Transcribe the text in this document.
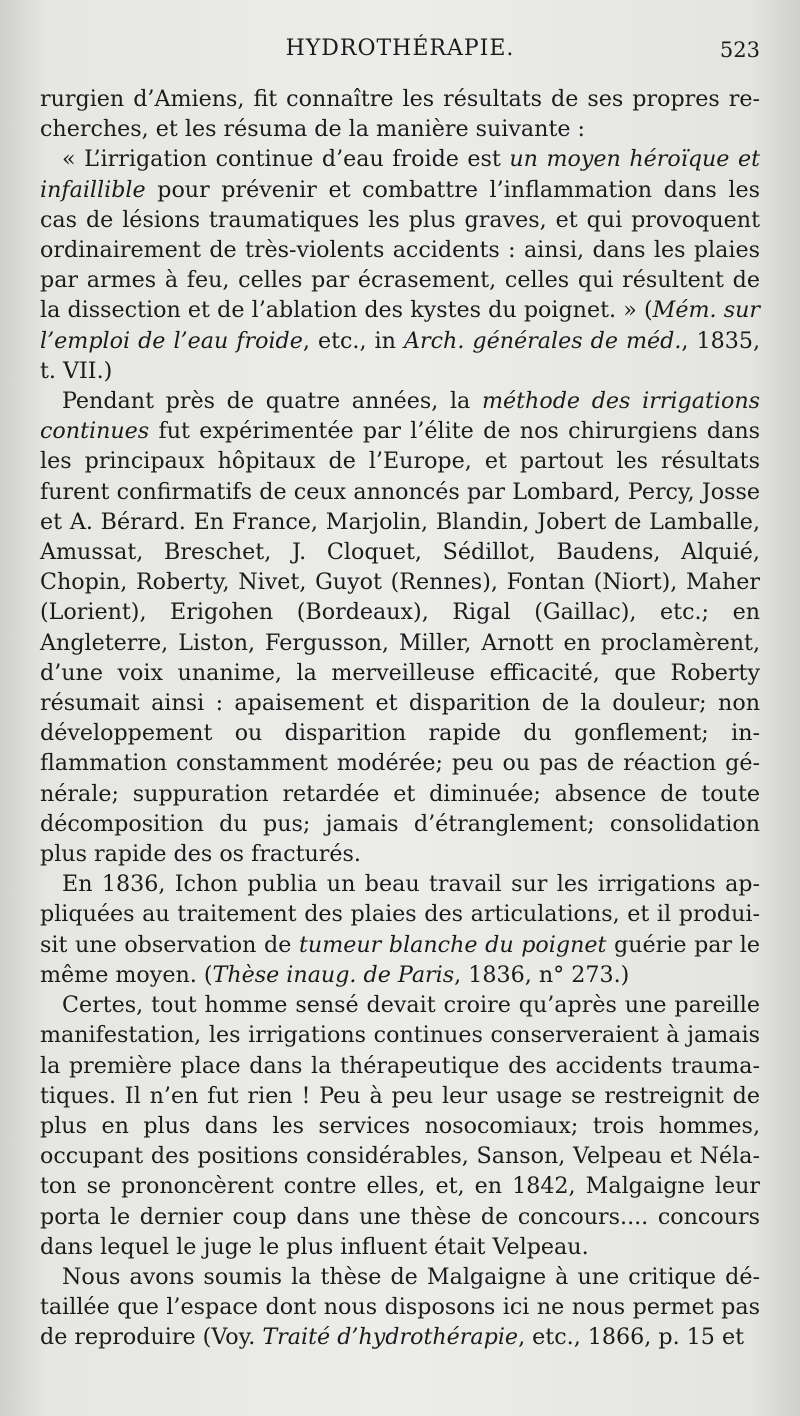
HYDROTHÉRAPIE.	523

rurgien d’Amiens, fit connaître les résultats de ses propres recherches, et les résuma de la manière suivante :

« L’irrigation continue d’eau froide est un moyen héroïque et infaillible pour prévenir et combattre l’inflammation dans les cas de lésions traumatiques les plus graves, et qui provoquent ordinairement de très-violents accidents : ainsi, dans les plaies par armes à feu, celles par écrasement, celles qui résultent de la dissection et de l’ablation des kystes du poignet. » (Mém. sur l’emploi de l’eau froide, etc., in Arch. générales de méd., 1835, t. VII.)

Pendant près de quatre années, la méthode des irrigations continues fut expérimentée par l’élite de nos chirurgiens dans les principaux hôpitaux de l’Europe, et partout les résultats furent confirmatifs de ceux annoncés par Lombard, Percy, Josse et A. Bérard. En France, Marjolin, Blandin, Jobert de Lamballe, Amussat, Breschet, J. Cloquet, Sédillot, Baudens, Alquié, Chopin, Roberty, Nivet, Guyot (Rennes), Fontan (Niort), Maher (Lorient), Erigohen (Bordeaux), Rigal (Gaillac), etc.; en Angleterre, Liston, Fergusson, Miller, Arnott en proclamèrent, d’une voix unanime, la merveilleuse efficacité, que Roberty résumait ainsi : apaisement et disparition de la douleur; non développement ou disparition rapide du gonflement; inflammation constamment modérée; peu ou pas de réaction générale; suppuration retardée et diminuée; absence de toute décomposition du pus; jamais d’étranglement; consolidation plus rapide des os fracturés.

En 1836, Ichon publia un beau travail sur les irrigations appliquées au traitement des plaies des articulations, et il produisit une observation de tumeur blanche du poignet guérie par le même moyen. (Thèse inaug. de Paris, 1836, n° 273.)

Certes, tout homme sensé devait croire qu’après une pareille manifestation, les irrigations continues conserveraient à jamais la première place dans la thérapeutique des accidents traumatiques. Il n’en fut rien ! Peu à peu leur usage se restreignit de plus en plus dans les services nosocomiaux; trois hommes, occupant des positions considérables, Sanson, Velpeau et Nélaton se prononcèrent contre elles, et, en 1842, Malgaigne leur porta le dernier coup dans une thèse de concours.... concours dans lequel le juge le plus influent était Velpeau.

Nous avons soumis la thèse de Malgaigne à une critique détaillée que l’espace dont nous disposons ici ne nous permet pas de reproduire (Voy. Traité d’hydrothérapie, etc., 1866, p. 15 et
